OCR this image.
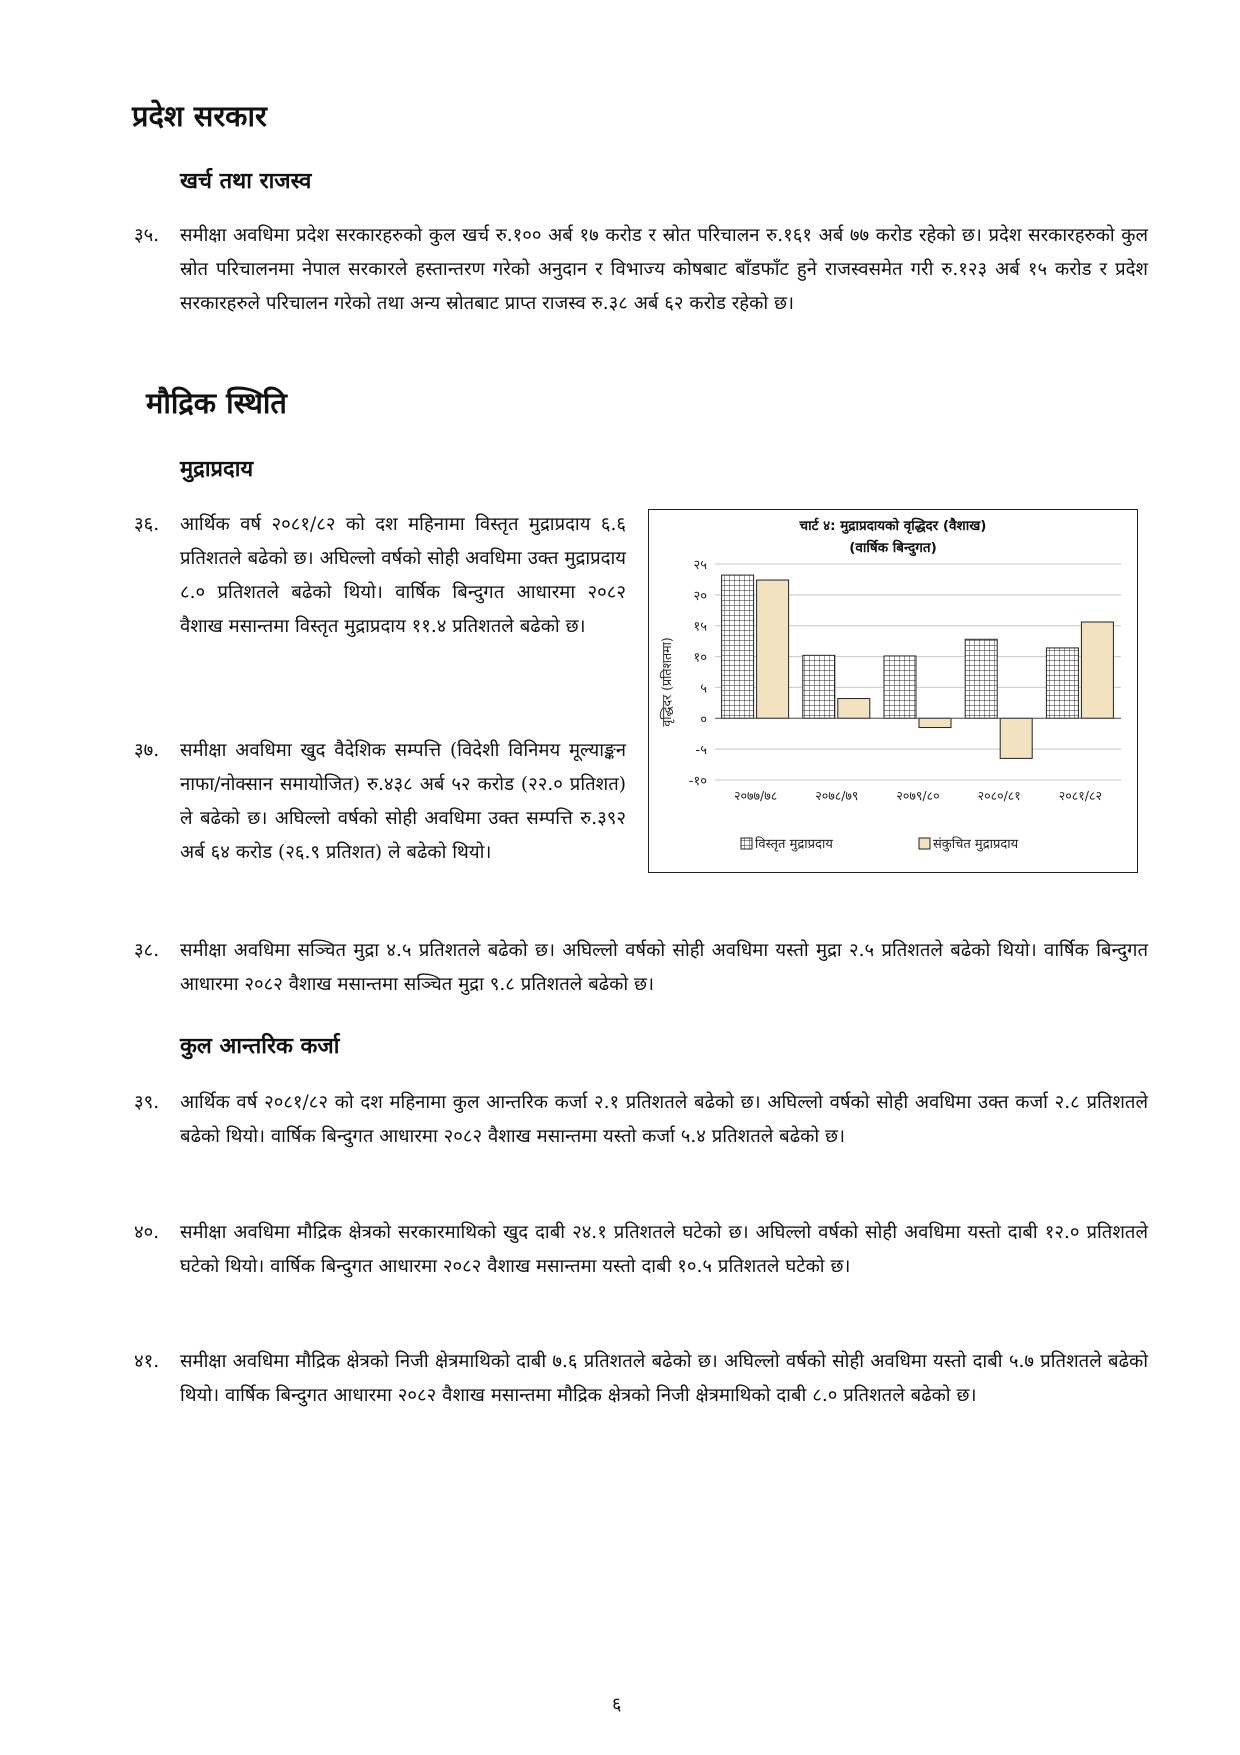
प्रदेश सरकार
खर्च तथा राजस्व
३५. समीक्षा अवधिमा प्रदेश सरकारहरुको कुल खर्च रु.१०० अर्ब १७ करोड र स्रोत परिचालन रु.१६१ अर्ब ७७ करोड रहेको छ। प्रदेश सरकारहरुको कुल स्रोत परिचालनमा नेपाल सरकारले हस्तान्तरण गरेको अनुदान र विभाज्य कोषबाट बाँडफाँट हुने राजस्वसमेत गरी रु.१२३ अर्ब १५ करोड र प्रदेश सरकारहरुले परिचालन गरेको तथा अन्य स्रोतबाट प्राप्त राजस्व रु.३८ अर्ब ६२ करोड रहेको छ।
मौद्रिक स्थिति
मुद्राप्रदाय
३६. आर्थिक वर्ष २०८१/८२ को दश महिनामा विस्तृत मुद्राप्रदाय ६.६ प्रतिशतले बढेको छ। अघिल्लो वर्षको सोही अवधिमा उक्त मुद्राप्रदाय ८.० प्रतिशतले बढेको थियो। वार्षिक बिन्दुगत आधारमा २०८२ वैशाख मसान्तमा विस्तृत मुद्राप्रदाय ११.४ प्रतिशतले बढेको छ।
३७. समीक्षा अवधिमा खुद वैदेशिक सम्पत्ति (विदेशी विनिमय मूल्याङ्कन नाफा/नोक्सान समायोजित) रु.४३८ अर्ब ५२ करोड (२२.० प्रतिशत) ले बढेको छ। अघिल्लो वर्षको सोही अवधिमा उक्त सम्पत्ति रु.३९२ अर्ब ६४ करोड (२६.९ प्रतिशत) ले बढेको थियो।
चार्ट ४: मुद्राप्रदायको वृद्धिदर (वैशाख)
(वार्षिक बिन्दुगत)
-१०
-५
०
५
१०
१५
२०
२५
२०७७/७८	२०७८/७९	२०७९/८०	२०८०/८१	२०८१/८२
वृद्धिदर (प्रतिशतमा)
विस्तृत मुद्राप्रदाय	संकुचित मुद्राप्रदाय
३८. समीक्षा अवधिमा सञ्चित मुद्रा ४.५ प्रतिशतले बढेको छ। अघिल्लो वर्षको सोही अवधिमा यस्तो मुद्रा २.५ प्रतिशतले बढेको थियो। वार्षिक बिन्दुगत आधारमा २०८२ वैशाख मसान्तमा सञ्चित मुद्रा ९.८ प्रतिशतले बढेको छ।
कुल आन्तरिक कर्जा
३९. आर्थिक वर्ष २०८१/८२ को दश महिनामा कुल आन्तरिक कर्जा २.१ प्रतिशतले बढेको छ। अघिल्लो वर्षको सोही अवधिमा उक्त कर्जा २.८ प्रतिशतले बढेको थियो। वार्षिक बिन्दुगत आधारमा २०८२ वैशाख मसान्तमा यस्तो कर्जा ५.४ प्रतिशतले बढेको छ।
४०. समीक्षा अवधिमा मौद्रिक क्षेत्रको सरकारमाथिको खुद दाबी २४.१ प्रतिशतले घटेको छ। अघिल्लो वर्षको सोही अवधिमा यस्तो दाबी १२.० प्रतिशतले घटेको थियो। वार्षिक बिन्दुगत आधारमा २०८२ वैशाख मसान्तमा यस्तो दाबी १०.५ प्रतिशतले घटेको छ।
४१. समीक्षा अवधिमा मौद्रिक क्षेत्रको निजी क्षेत्रमाथिको दाबी ७.६ प्रतिशतले बढेको छ। अघिल्लो वर्षको सोही अवधिमा यस्तो दाबी ५.७ प्रतिशतले बढेको थियो। वार्षिक बिन्दुगत आधारमा २०८२ वैशाख मसान्तमा मौद्रिक क्षेत्रको निजी क्षेत्रमाथिको दाबी ८.० प्रतिशतले बढेको छ।
६
